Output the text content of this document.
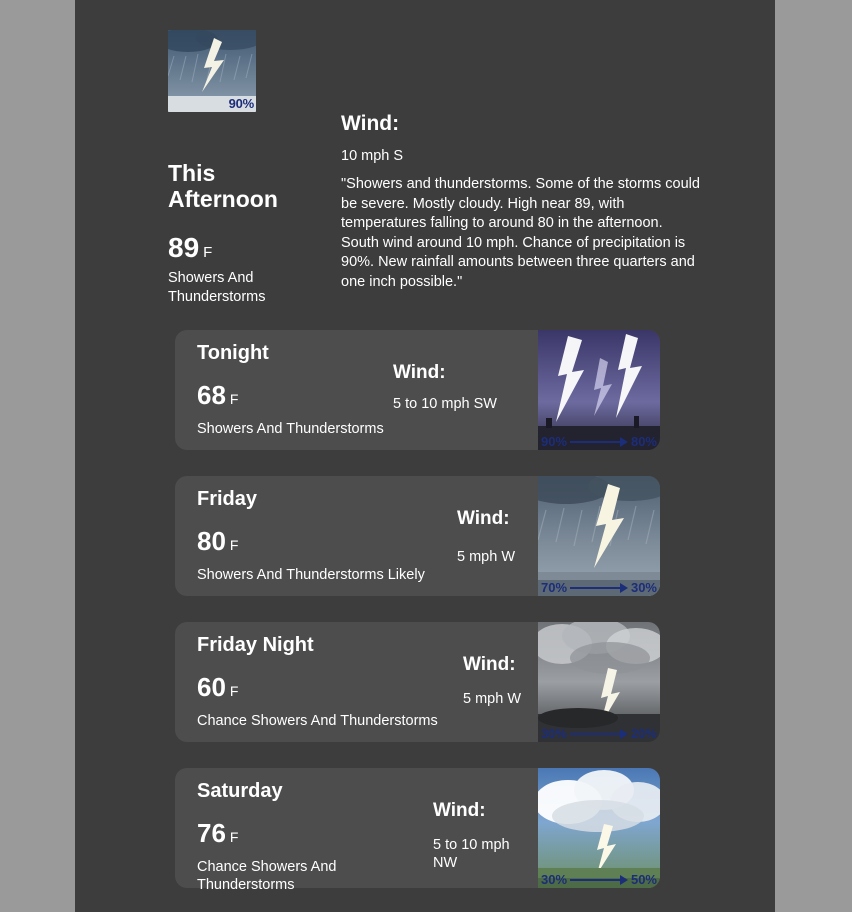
90%
This Afternoon
89 F
Showers And Thunderstorms
Wind:
10 mph S
"Showers and thunderstorms. Some of the storms could be severe. Mostly cloudy. High near 89, with temperatures falling to around 80 in the afternoon. South wind around 10 mph. Chance of precipitation is 90%. New rainfall amounts between three quarters and one inch possible."
Tonight
68 F
Showers And Thunderstorms
Wind:
5 to 10 mph SW
90%	80%
Friday
80 F
Showers And Thunderstorms Likely
Wind:
5 mph W
70%	30%
Friday Night
60 F
Chance Showers And Thunderstorms
Wind:
5 mph W
30%	20%
Saturday
76 F
Chance Showers And Thunderstorms
Wind:
5 to 10 mph NW
30%	50%
